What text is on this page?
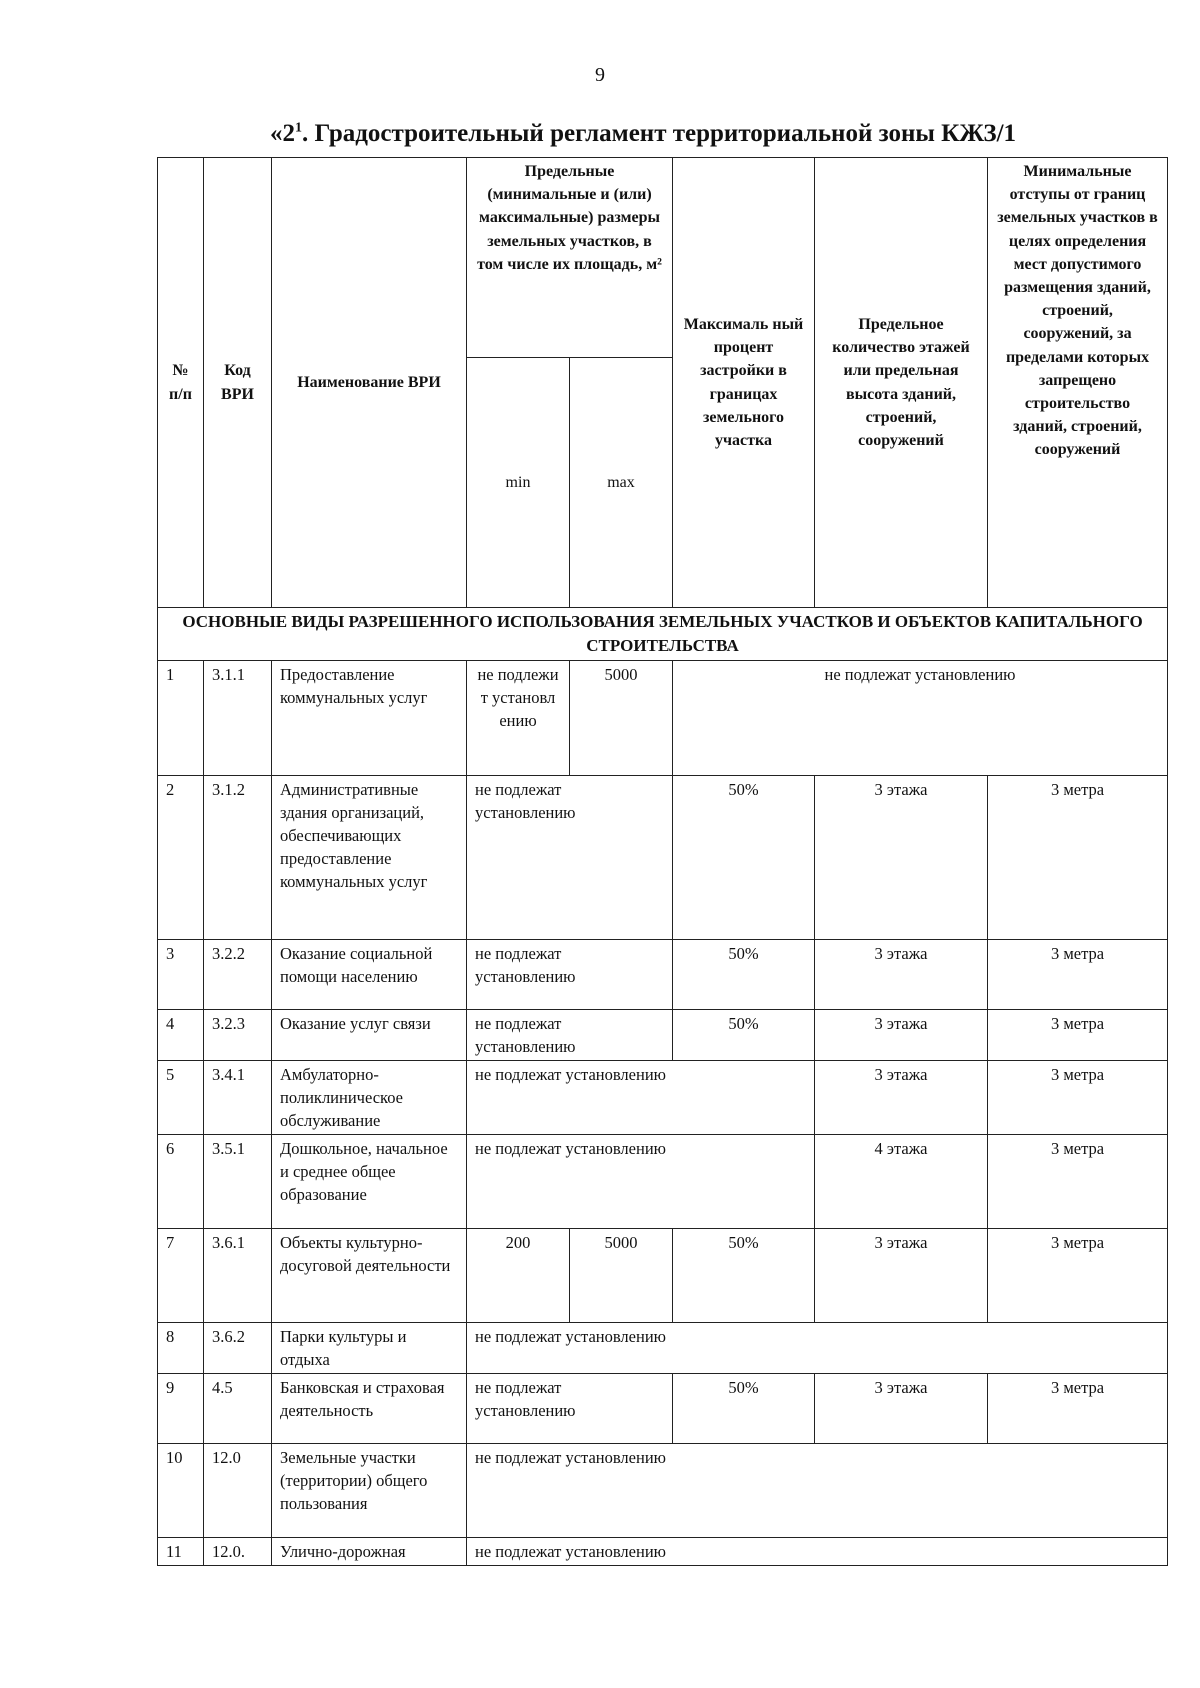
9
«$2^1$. Градостроительный регламент территориальной зоны КЖЗ/1
№ п/п	Код ВРИ	Наименование ВРИ	Предельные (минимальные и (или) максимальные) размеры земельных участков, в том числе их площадь, м²		Максималь ный процент застройки в границах земельного участка	Предельное количество этажей или предельная высота зданий, строений, сооружений	Минимальные отступы от границ земельных участков в целях определения мест допустимого размещения зданий, строений, сооружений, за пределами которых запрещено строительство зданий, строений, сооружений
			min	max			
ОСНОВНЫЕ ВИДЫ РАЗРЕШЕННОГО ИСПОЛЬЗОВАНИЯ ЗЕМЕЛЬНЫХ УЧАСТКОВ И ОБЪЕКТОВ КАПИТАЛЬНОГО СТРОИТЕЛЬСТВА							
1	3.1.1	Предоставление коммунальных услуг	не подлежи т установл ению	5000	не подлежат установлению		
2	3.1.2	Административные здания организаций, обеспечивающих предоставление коммунальных услуг	не подлежат установлению		50%	3 этажа	3 метра
3	3.2.2	Оказание социальной помощи населению	не подлежат установлению		50%	3 этажа	3 метра
4	3.2.3	Оказание услуг связи	не подлежат установлению		50%	3 этажа	3 метра
5	3.4.1	Амбулаторно-поликлиническое обслуживание	не подлежат установлению			3 этажа	3 метра
6	3.5.1	Дошкольное, начальное и среднее общее образование	не подлежат установлению			4 этажа	3 метра
7	3.6.1	Объекты культурно-досуговой деятельности	200	5000	50%	3 этажа	3 метра
8	3.6.2	Парки культуры и отдыха	не подлежат установлению				
9	4.5	Банковская и страховая деятельность	не подлежат установлению		50%	3 этажа	3 метра
10	12.0	Земельные участки (территории) общего пользования	не подлежат установлению				
11	12.0.	Улично-дорожная	не подлежат установлению				
